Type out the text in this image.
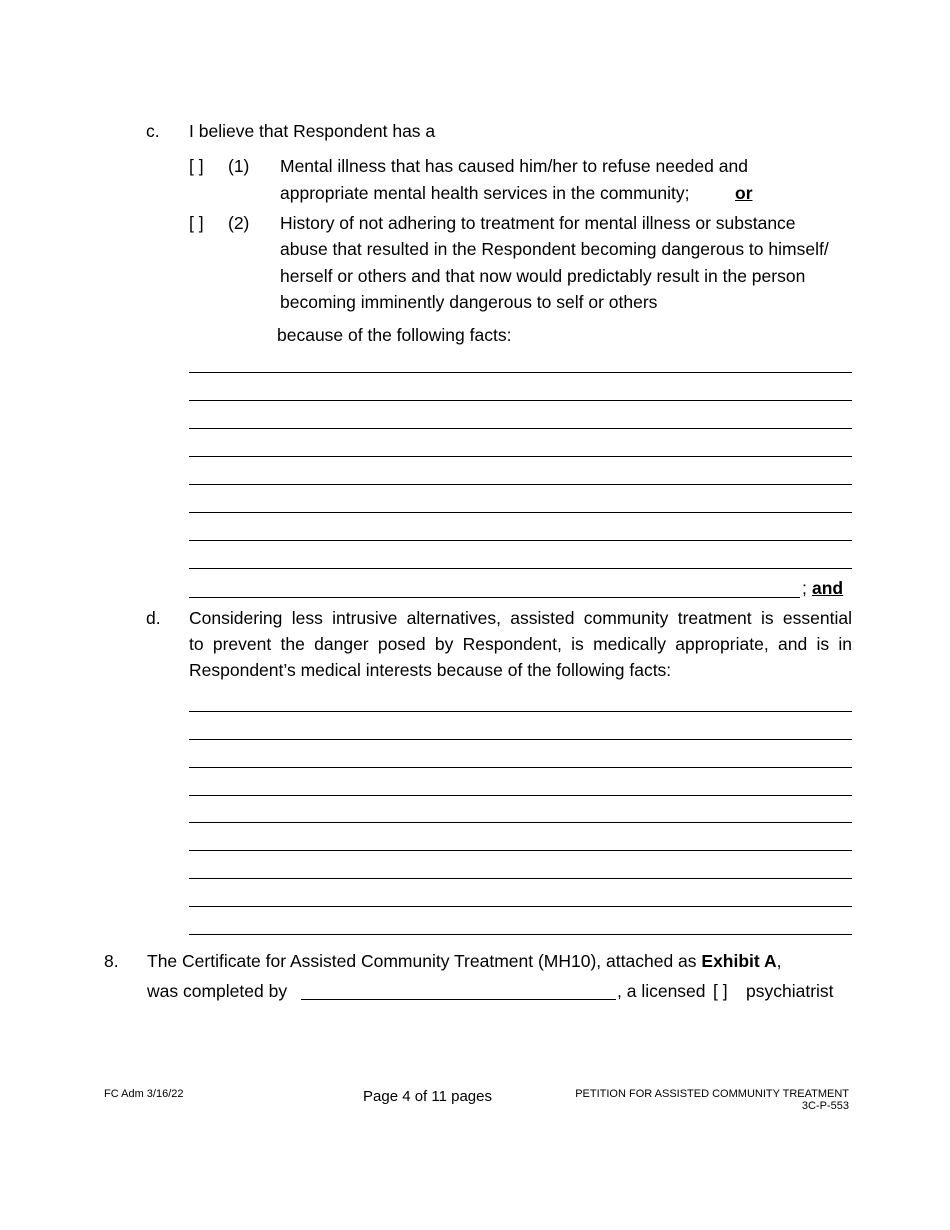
c. I believe that Respondent has a
[ ] (1) Mental illness that has caused him/her to refuse needed and
appropriate mental health services in the community;	or
[ ] (2) History of not adhering to treatment for mental illness or substance
abuse that resulted in the Respondent becoming dangerous to himself/
herself or others and that now would predictably result in the person
becoming imminently dangerous to self or others
because of the following facts:
; and
d. Considering less intrusive alternatives, assisted community treatment is essential
to prevent the danger posed by Respondent, is medically appropriate, and is in
Respondent’s medical interests because of the following facts:
8. The Certificate for Assisted Community Treatment (MH10), attached as Exhibit A,
was completed by	, a licensed [ ] psychiatrist
FC Adm 3/16/22	Page 4 of 11 pages	PETITION FOR ASSISTED COMMUNITY TREATMENT
3C-P-553
